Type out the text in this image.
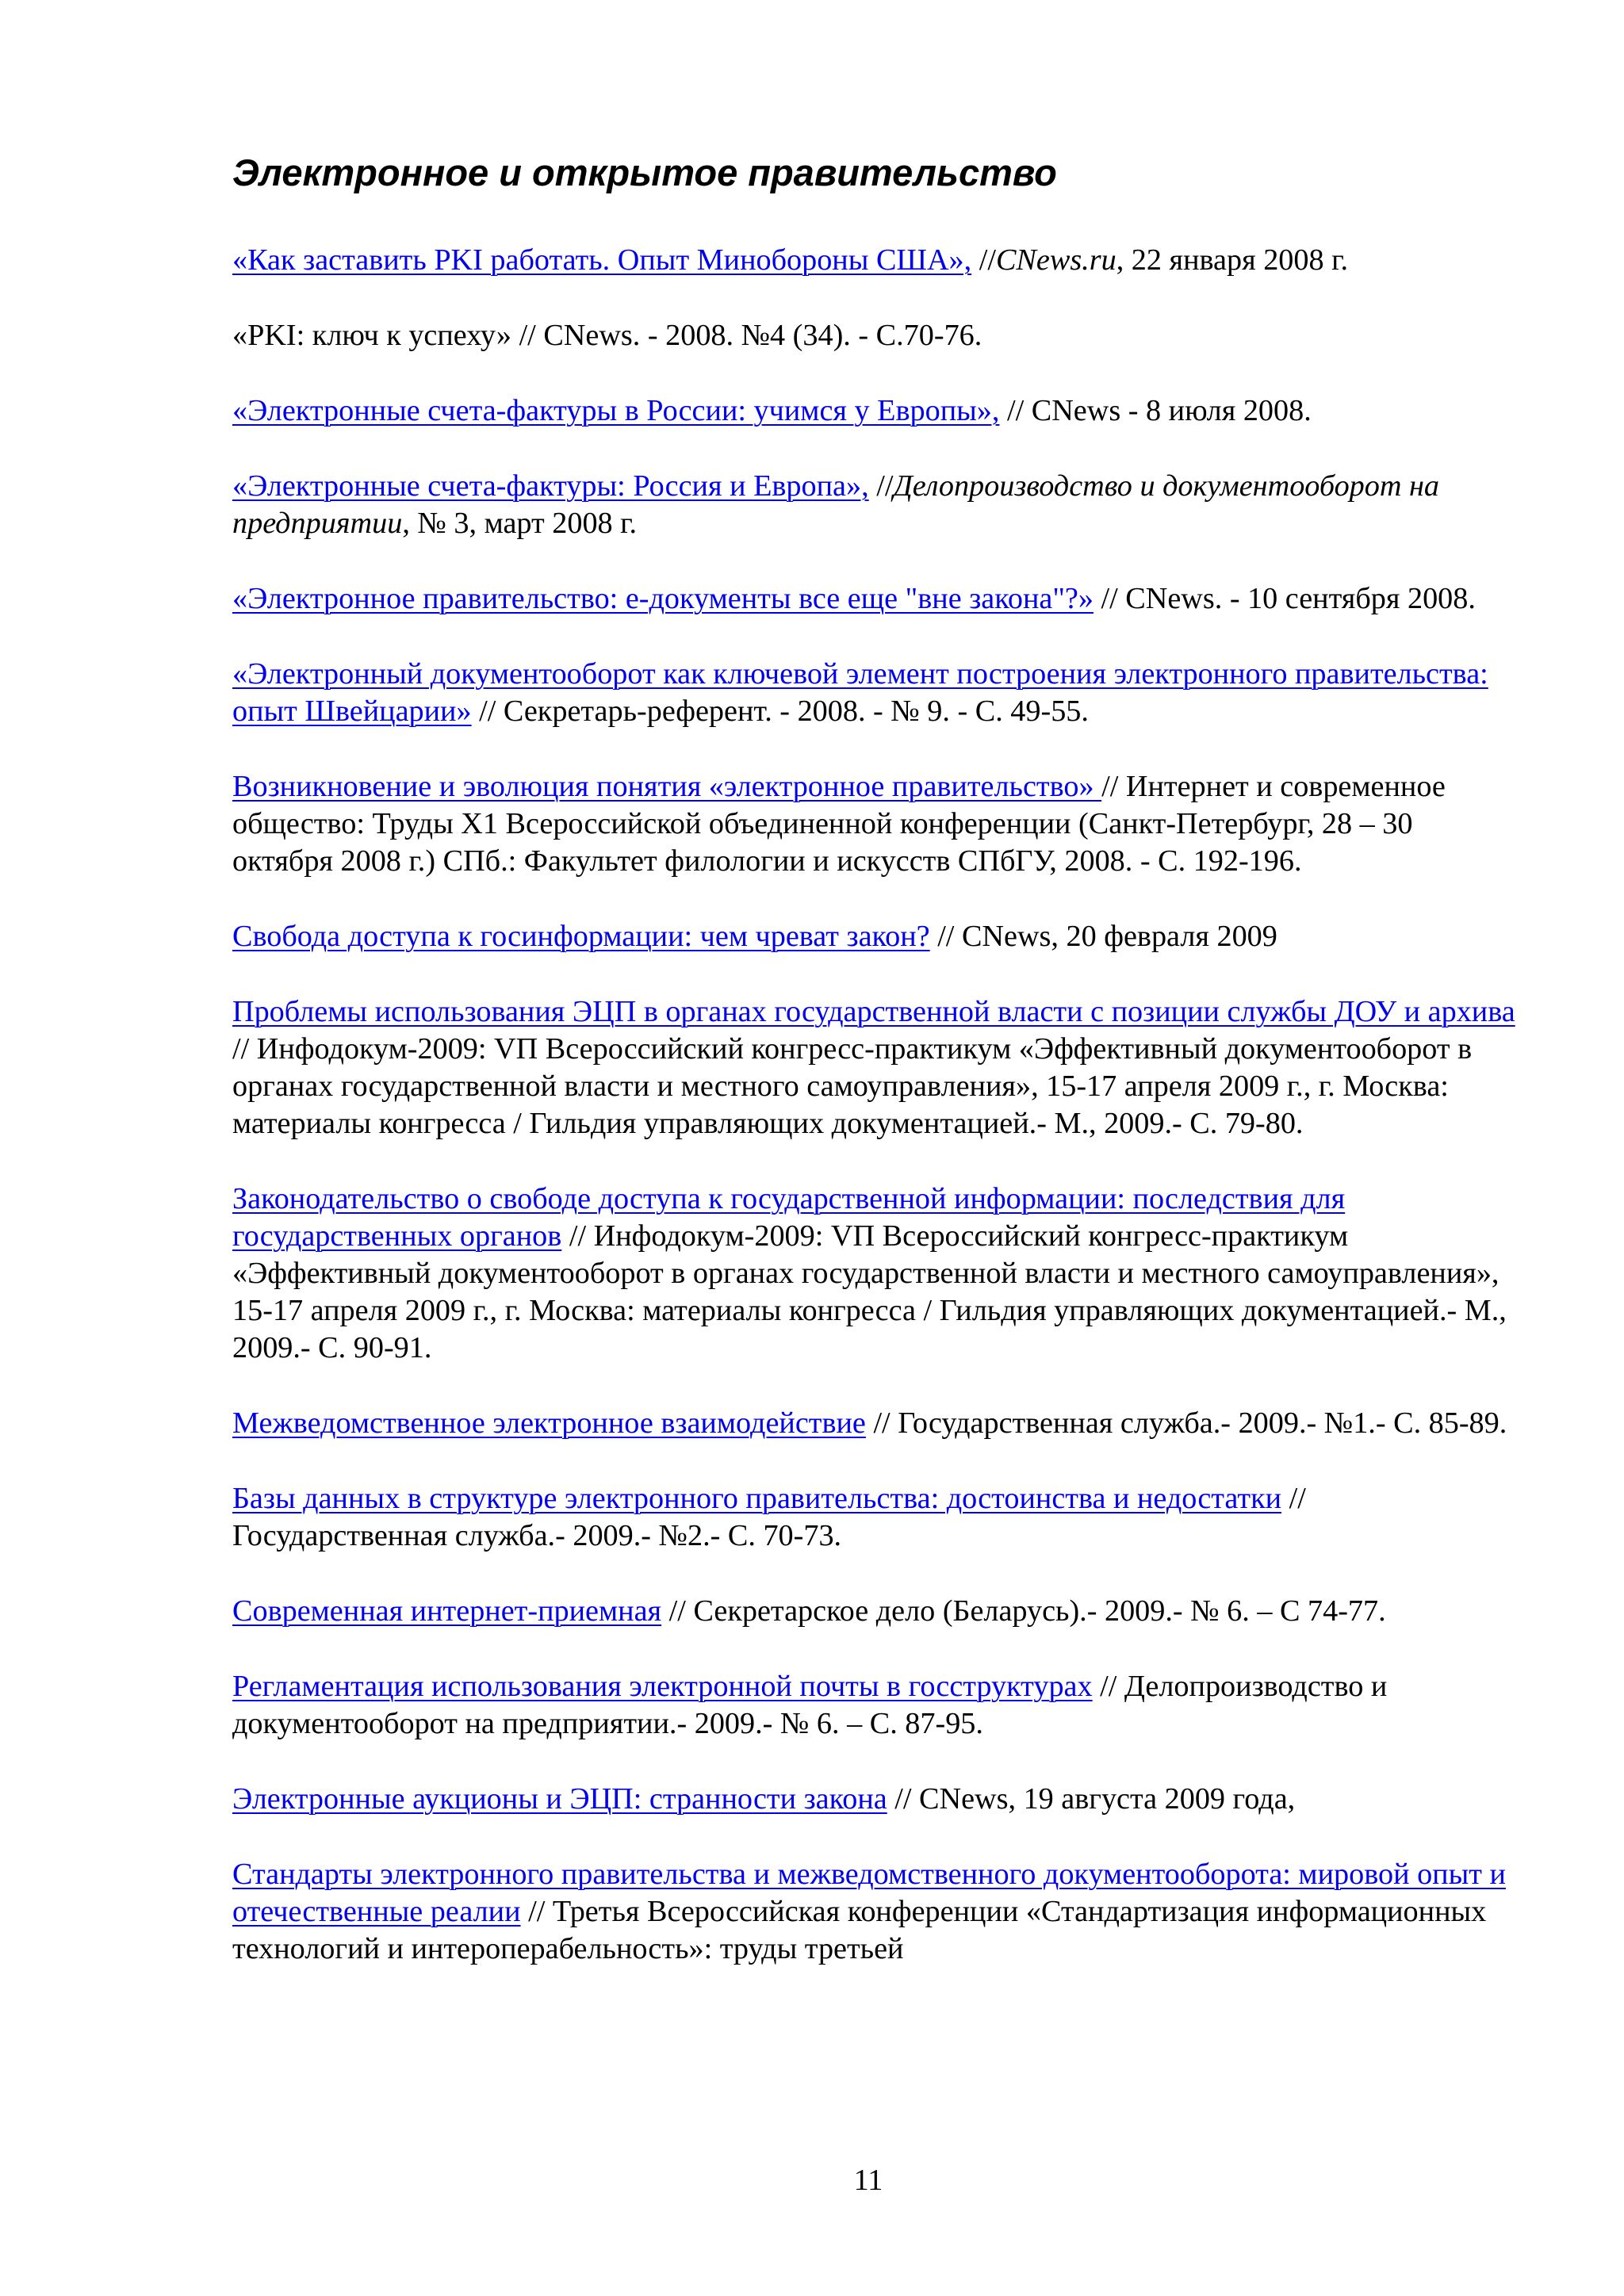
Электронное и открытое правительство

«Как заставить PKI работать. Опыт Минобороны США», //CNews.ru, 22 января 2008 г.

«PKI: ключ к успеху» // CNews. - 2008. №4 (34). - С.70-76.

«Электронные счета-фактуры в России: учимся у Европы», // CNews - 8 июля 2008.

«Электронные счета-фактуры: Россия и Европа», //Делопроизводство и документооборот на предприятии, № 3, март 2008 г.

«Электронное правительство: е-документы все еще "вне закона"?» // CNews. - 10 сентября 2008.

«Электронный документооборот как ключевой элемент построения электронного правительства: опыт Швейцарии» // Секретарь-референт. - 2008. - № 9. - С. 49-55.

Возникновение и эволюция понятия «электронное правительство» // Интернет и современное общество: Труды X1 Всероссийской объединенной конференции (Санкт-Петербург, 28 – 30 октября 2008 г.) СПб.: Факультет филологии и искусств СПбГУ, 2008. - С. 192-196.

Свобода доступа к госинформации: чем чреват закон? // CNews, 20 февраля 2009

Проблемы использования ЭЦП в органах государственной власти с позиции службы ДОУ и архива // Инфодокум-2009: VП Всероссийский конгресс-практикум «Эффективный документооборот в органах государственной власти и местного самоуправления», 15-17 апреля 2009 г., г. Москва: материалы конгресса / Гильдия управляющих документацией.- М., 2009.- С. 79-80.

Законодательство о свободе доступа к государственной информации: последствия для государственных органов // Инфодокум-2009: VП Всероссийский конгресс-практикум «Эффективный документооборот в органах государственной власти и местного самоуправления», 15-17 апреля 2009 г., г. Москва: материалы конгресса / Гильдия управляющих документацией.- М., 2009.- С. 90-91.

Межведомственное электронное взаимодействие // Государственная служба.- 2009.- №1.- С. 85-89.

Базы данных в структуре электронного правительства: достоинства и недостатки // Государственная служба.- 2009.- №2.- С. 70-73.

Современная интернет-приемная // Секретарское дело (Беларусь).- 2009.- № 6. – С 74-77.

Регламентация использования электронной почты в госструктурах // Делопроизводство и документооборот на предприятии.- 2009.- № 6. – С. 87-95.

Электронные аукционы и ЭЦП: странности закона // CNews, 19 августа 2009 года,

Стандарты электронного правительства и межведомственного документооборота: мировой опыт и отечественные реалии // Третья Всероссийская конференции «Стандартизация информационных технологий и интероперабельность»: труды третьей

11
